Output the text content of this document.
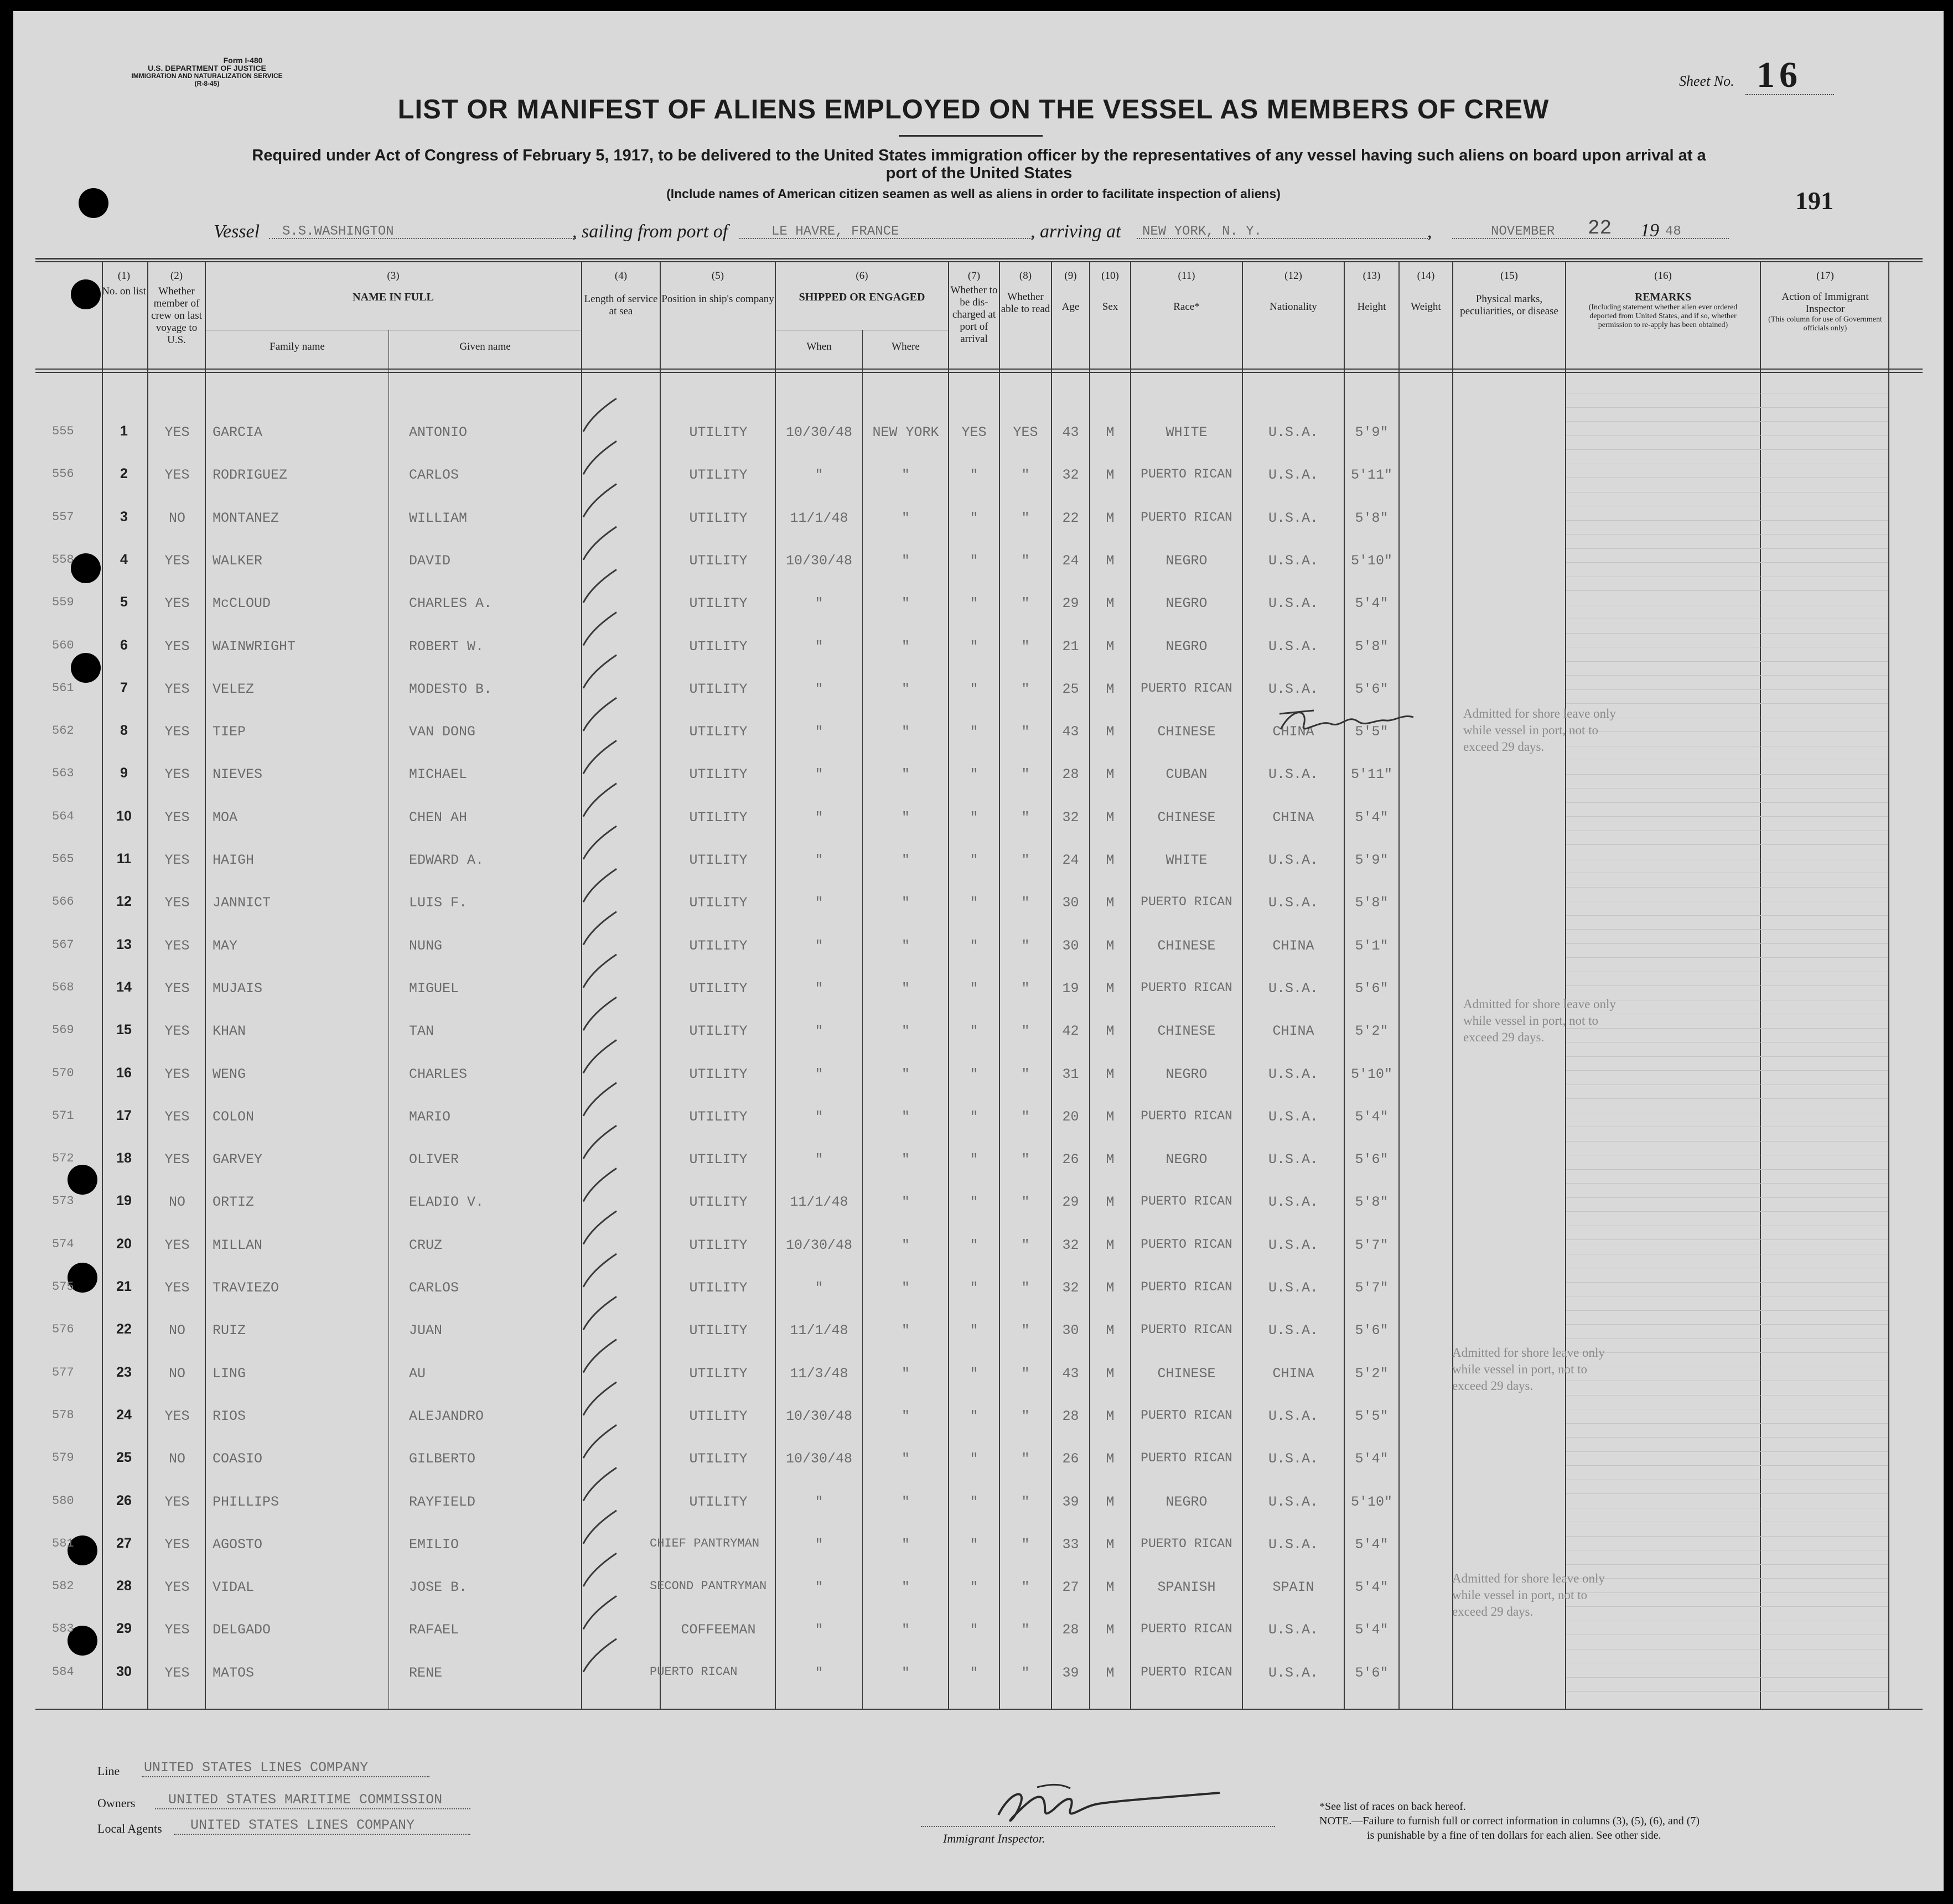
Form I-480
U.S. DEPARTMENT OF JUSTICE
IMMIGRATION AND NATURALIZATION SERVICE
(R-8-45)	Sheet No. 16
191
LIST OR MANIFEST OF ALIENS EMPLOYED ON THE VESSEL AS MEMBERS OF CREW
Required under Act of Congress of February 5, 1917, to be delivered to the United States immigration officer by the representatives of any vessel having such aliens on board upon arrival at a
port of the United States
(Include names of American citizen seamen as well as aliens in order to facilitate inspection of aliens)
Vessel S.S.WASHINGTON	, sailing from port of	LE HAVRE, FRANCE	, arriving at NEW YORK, N. Y.	,	NOVEMBER 22 19 48
(1)
No. on list
(2)
Whether member of crew on last voyage to U.S.
(3)
NAME IN FULL
Family name	Given name
(4)
Length of service at sea
(5)
Position in ship's company
(6)
SHIPPED OR ENGAGED
When	Where
(7)
Whether to be dis-charged at port of arrival
(8)
Whether able to read
(9)
Age
(10)
Sex
(11)
Race*
(12)
Nationality
(13)
Height
(14)
Weight
(15)
Physical marks, peculiarities, or disease
(16)
REMARKS
(Including statement whether alien ever ordered deported from United States, and if so, whether permission to re-apply has been obtained)
(17)
Action of Immigrant Inspector
(This column for use of Government officials only)
555	1	YES	GARCIA	ANTONIO	UTILITY	10/30/48	NEW YORK	YES	YES	43	M	WHITE	U.S.A.	5'9"
556	2	YES	RODRIGUEZ	CARLOS	UTILITY	"	"	"	"	32	M	PUERTO RICAN	U.S.A.	5'11"
557	3	NO	MONTANEZ	WILLIAM	UTILITY	11/1/48	"	"	"	22	M	PUERTO RICAN	U.S.A.	5'8"
558	4	YES	WALKER	DAVID	UTILITY	10/30/48	"	"	"	24	M	NEGRO	U.S.A.	5'10"
559	5	YES	McCLOUD	CHARLES A.	UTILITY	"	"	"	"	29	M	NEGRO	U.S.A.	5'4"
560	6	YES	WAINWRIGHT	ROBERT W.	UTILITY	"	"	"	"	21	M	NEGRO	U.S.A.	5'8"
561	7	YES	VELEZ	MODESTO B.	UTILITY	"	"	"	"	25	M	PUERTO RICAN	U.S.A.	5'6"
562	8	YES	TIEP	VAN DONG	UTILITY	"	"	"	"	43	M	CHINESE	CHINA	5'5"
563	9	YES	NIEVES	MICHAEL	UTILITY	"	"	"	"	28	M	CUBAN	U.S.A.	5'11"
564	10	YES	MOA	CHEN AH	UTILITY	"	"	"	"	32	M	CHINESE	CHINA	5'4"
565	11	YES	HAIGH	EDWARD A.	UTILITY	"	"	"	"	24	M	WHITE	U.S.A.	5'9"
566	12	YES	JANNICT	LUIS F.	UTILITY	"	"	"	"	30	M	PUERTO RICAN	U.S.A.	5'8"
567	13	YES	MAY	NUNG	UTILITY	"	"	"	"	30	M	CHINESE	CHINA	5'1"
568	14	YES	MUJAIS	MIGUEL	UTILITY	"	"	"	"	19	M	PUERTO RICAN	U.S.A.	5'6"
569	15	YES	KHAN	TAN	UTILITY	"	"	"	"	42	M	CHINESE	CHINA	5'2"
570	16	YES	WENG	CHARLES	UTILITY	"	"	"	"	31	M	NEGRO	U.S.A.	5'10"
571	17	YES	COLON	MARIO	UTILITY	"	"	"	"	20	M	PUERTO RICAN	U.S.A.	5'4"
572	18	YES	GARVEY	OLIVER	UTILITY	"	"	"	"	26	M	NEGRO	U.S.A.	5'6"
573	19	NO	ORTIZ	ELADIO V.	UTILITY	11/1/48	"	"	"	29	M	PUERTO RICAN	U.S.A.	5'8"
574	20	YES	MILLAN	CRUZ	UTILITY	10/30/48	"	"	"	32	M	PUERTO RICAN	U.S.A.	5'7"
575	21	YES	TRAVIEZO	CARLOS	UTILITY	"	"	"	"	32	M	PUERTO RICAN	U.S.A.	5'7"
576	22	NO	RUIZ	JUAN	UTILITY	11/1/48	"	"	"	30	M	PUERTO RICAN	U.S.A.	5'6"
577	23	NO	LING	AU	UTILITY	11/3/48	"	"	"	43	M	CHINESE	CHINA	5'2"
578	24	YES	RIOS	ALEJANDRO	UTILITY	10/30/48	"	"	"	28	M	PUERTO RICAN	U.S.A.	5'5"
579	25	NO	COASIO	GILBERTO	UTILITY	10/30/48	"	"	"	26	M	PUERTO RICAN	U.S.A.	5'4"
580	26	YES	PHILLIPS	RAYFIELD	UTILITY	"	"	"	"	39	M	NEGRO	U.S.A.	5'10"
581	27	YES	AGOSTO	EMILIO	CHIEF PANTRYMAN	"	"	"	"	33	M	PUERTO RICAN	U.S.A.	5'4"
582	28	YES	VIDAL	JOSE B.	SECOND PANTRYMAN	"	"	"	"	27	M	SPANISH	SPAIN	5'4"
583	29	YES	DELGADO	RAFAEL	COFFEEMAN	"	"	"	"	28	M	PUERTO RICAN	U.S.A.	5'4"
584	30	YES	MATOS	RENE	PUERTO RICAN	"	"	"	"	39	M	PUERTO RICAN	U.S.A.	5'6"
Admitted for shore leave only
while vessel in port, not to
exceed 29 days.
Admitted for shore leave only
while vessel in port, not to
exceed 29 days.
Admitted for shore leave only
while vessel in port, not to
exceed 29 days.
Admitted for shore leave only
while vessel in port, not to
exceed 29 days.
Line UNITED STATES LINES COMPANY
Owners UNITED STATES MARITIME COMMISSION
Local Agents UNITED STATES LINES COMPANY
Immigrant Inspector.
*See list of races on back hereof.
NOTE.—Failure to furnish full or correct information in columns (3), (5), (6), and (7)
is punishable by a fine of ten dollars for each alien. See other side.
